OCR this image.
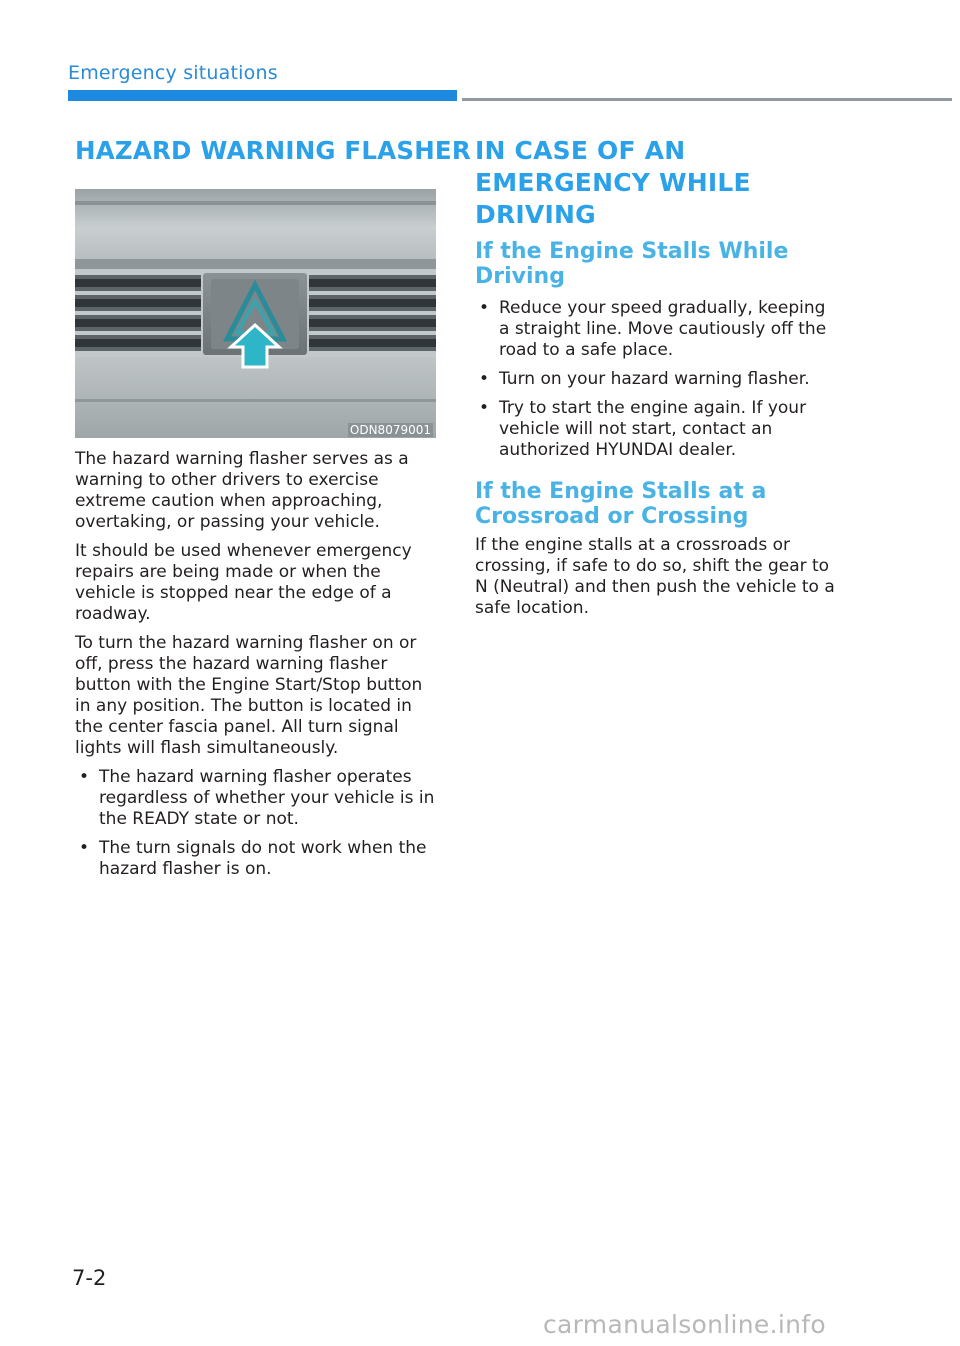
Emergency situations
HAZARD WARNING FLASHER
ODN8079001

The hazard warning flasher serves as a warning to other drivers to exercise extreme caution when approaching, overtaking, or passing your vehicle.

It should be used whenever emergency repairs are being made or when the vehicle is stopped near the edge of a roadway.

To turn the hazard warning flasher on or off, press the hazard warning flasher button with the Engine Start/Stop button in any position. The button is located in the center fascia panel. All turn signal lights will flash simultaneously.

• The hazard warning flasher operates regardless of whether your vehicle is in the READY state or not.
• The turn signals do not work when the hazard flasher is on.
IN CASE OF AN EMERGENCY WHILE DRIVING
If the Engine Stalls While Driving
• Reduce your speed gradually, keeping a straight line. Move cautiously off the road to a safe place.
• Turn on your hazard warning flasher.
• Try to start the engine again. If your vehicle will not start, contact an authorized HYUNDAI dealer.
If the Engine Stalls at a Crossroad or Crossing

If the engine stalls at a crossroads or crossing, if safe to do so, shift the gear to N (Neutral) and then push the vehicle to a safe location.

7-2
carmanualsonline.info
